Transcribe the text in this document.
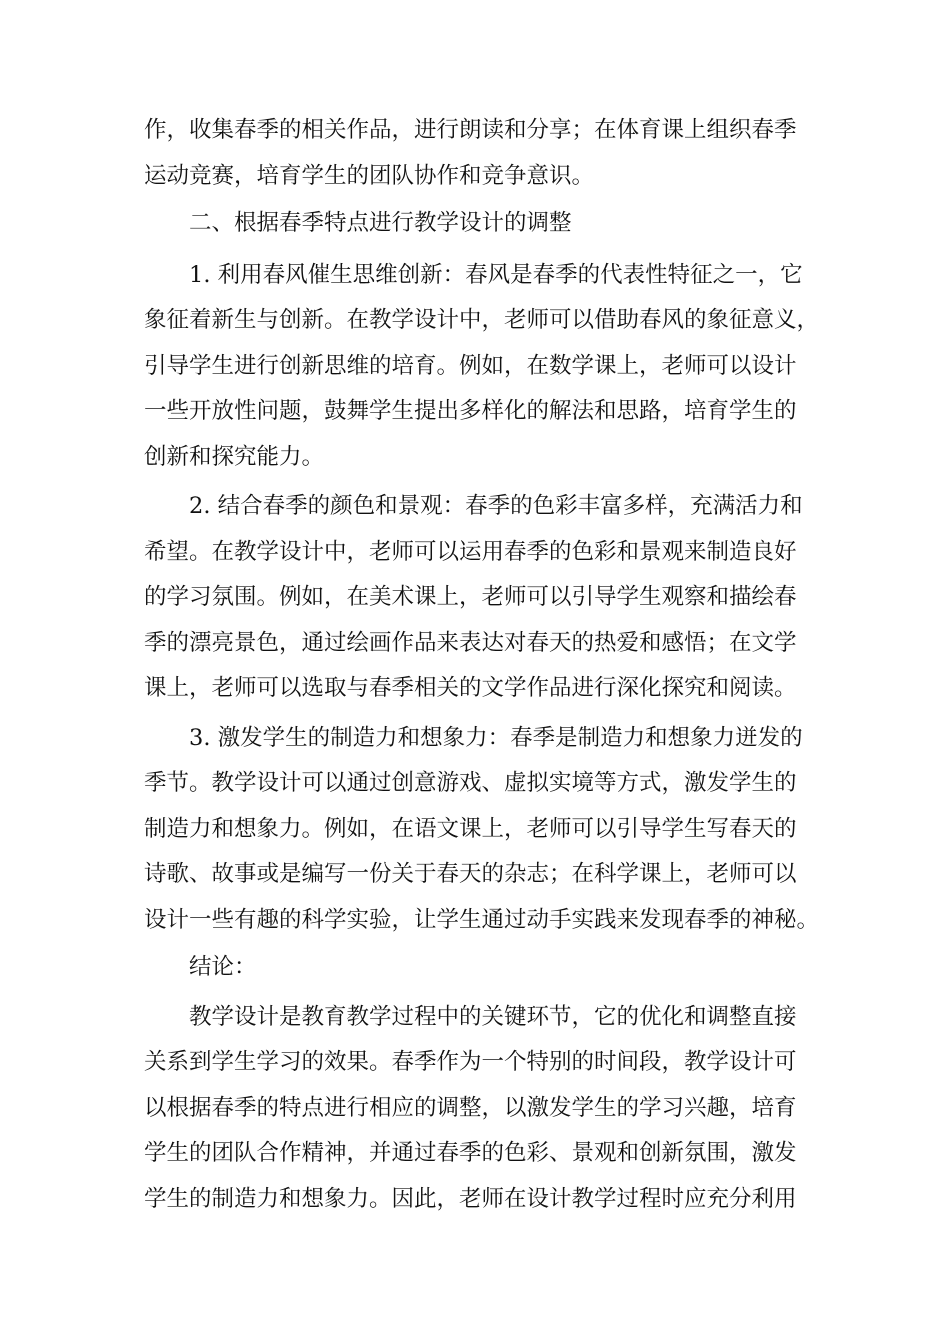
作，收集春季的相关作品，进行朗读和分享；在体育课上组织春季
运动竞赛，培育学生的团队协作和竞争意识。

二、根据春季特点进行教学设计的调整

1. 利用春风催生思维创新：春风是春季的代表性特征之一，它
象征着新生与创新。在教学设计中，老师可以借助春风的象征意义，
引导学生进行创新思维的培育。例如，在数学课上，老师可以设计
一些开放性问题，鼓舞学生提出多样化的解法和思路，培育学生的
创新和探究能力。

2. 结合春季的颜色和景观：春季的色彩丰富多样，充满活力和
希望。在教学设计中，老师可以运用春季的色彩和景观来制造良好
的学习氛围。例如，在美术课上，老师可以引导学生观察和描绘春
季的漂亮景色，通过绘画作品来表达对春天的热爱和感悟；在文学
课上，老师可以选取与春季相关的文学作品进行深化探究和阅读。

3. 激发学生的制造力和想象力：春季是制造力和想象力迸发的
季节。教学设计可以通过创意游戏、虚拟实境等方式，激发学生的
制造力和想象力。例如，在语文课上，老师可以引导学生写春天的
诗歌、故事或是编写一份关于春天的杂志；在科学课上，老师可以
设计一些有趣的科学实验，让学生通过动手实践来发现春季的神秘。

结论：

教学设计是教育教学过程中的关键环节，它的优化和调整直接
关系到学生学习的效果。春季作为一个特别的时间段，教学设计可
以根据春季的特点进行相应的调整，以激发学生的学习兴趣，培育
学生的团队合作精神，并通过春季的色彩、景观和创新氛围，激发
学生的制造力和想象力。因此，老师在设计教学过程时应充分利用
